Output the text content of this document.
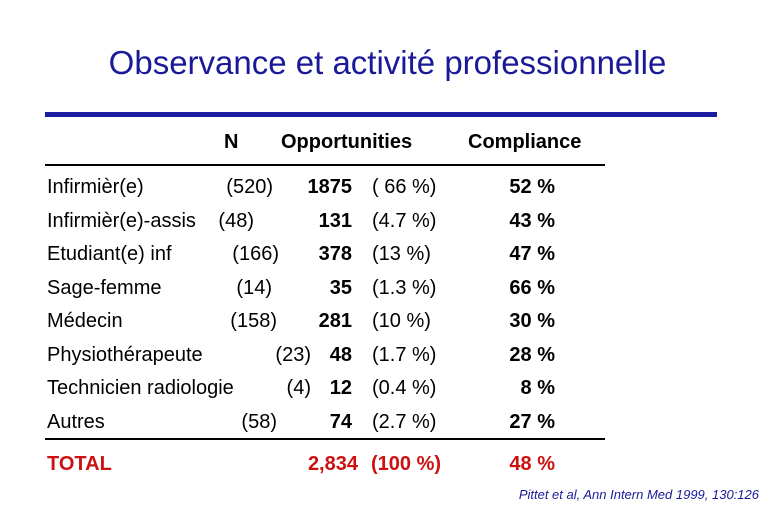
Observance et activité professionnelle
N Opportunities	Compliance
Infirmièr(e)	(520)	1875 ( 66 %)	52 %
Infirmièr(e)-assis	(48)	131 (4.7 %)	43 %
Etudiant(e) inf	(166)	378 (13 %)	47 %
Sage-femme	(14)	35 (1.3 %)	66 %
Médecin	(158)	281 (10 %)	30 %
Physiothérapeute	(23) 48 (1.7 %)	28 %
Technicien radiologie	(4) 12 (0.4 %)	8 %
Autres	(58)	74 (2.7 %)	27 %
TOTAL	2,834 (100 %)	48 %
Pittet et al, Ann Intern Med 1999, 130:126
